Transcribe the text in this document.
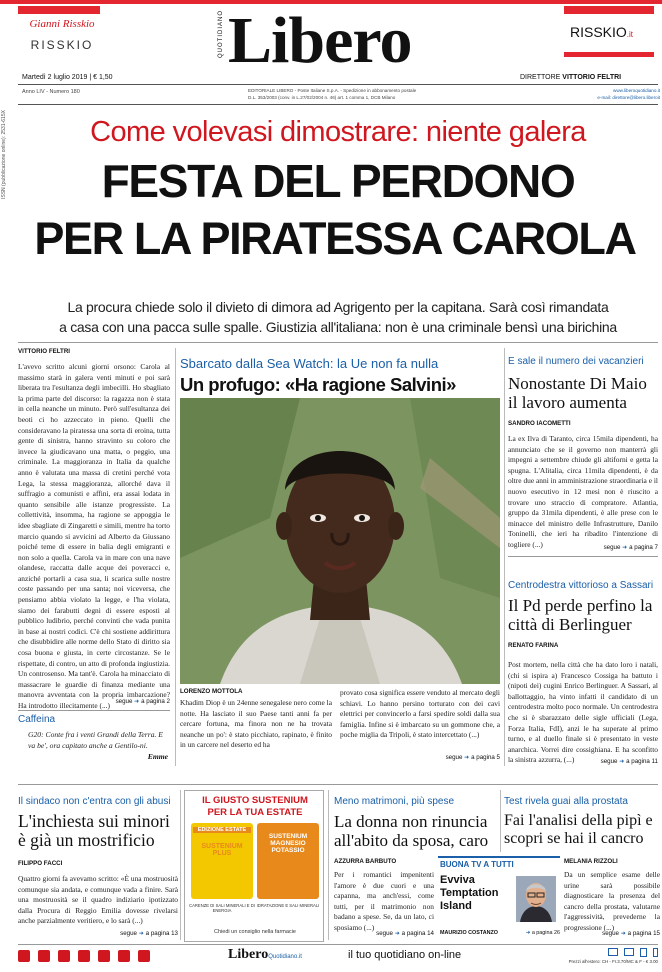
ISSN (pubblicazione online): 2531-615X
Gianni Risskio
RISSKIO	QUOTIDIANO Libero	RISSKIO.it
Martedì 2 luglio 2019 | € 1,50	DIRETTORE VITTORIO FELTRI
Anno LIV - Numero 180	EDITORIALE LIBERO - Poste Italiane S.p.A. - Spedizione in abbonamento postale
D.L. 353/2003 (conv. in L.27/02/2004 n. 46) art. 1 comma 1, DCB Milano
www.liberoquotidiano.it
e-mail: direttore@libero.liberoit
Come volevasi dimostrare: niente galera
FESTA DEL PERDONO
PER LA PIRATESSA CAROLA
La procura chiede solo il divieto di dimora ad Agrigento per la capitana. Sarà così rimandata
a casa con una pacca sulle spalle. Giustizia all'italiana: non è una criminale bensì una birichina
VITTORIO FELTRI
L'avevo scritto alcuni giorni orsono: Carola al massimo starà in galera venti minuti e poi sarà liberata tra l'esultanza degli imbecilli. Ho sbagliato la prima parte del discorso: la ragazza non è stata in cella neanche un minuto. Però sull'esultanza dei beoti ci ho azzeccato in pieno. Quelli che consideravano la piratessa una sorta di eroina, tutta gente di sinistra, hanno stravinto su coloro che invece la giudicavano una matta, o peggio, una criminale. La maggioranza in Italia da qualche anno è valutata una massa di cretini perché vota Lega, la stessa maggioranza, allorché dava il suffragio a comunisti e affini, era assai lodata in quanto sensibile alle istanze progressiste. La collettività, insomma, ha ragione se appoggia le idee sbagliate di Zingaretti e simili, mentre ha torto marcio quando si avvicini ad Alberto da Giussano poiché teme di essere in balia degli emigranti e non solo a quella. Carola va in mare con una nave olandese, raccatta dalle acque dei poveracci e, anziché portarli a casa sua, li scarica sulle nostre coste passando per una santa; noi viceversa, che pensiamo abbia violato la legge, e l'ha violata, siamo dei farabutti degni di essere esposti al pubblico ludibrio, perché convinti che vada punita in base ai nostri codici. C'è chi sostiene addirittura che disubbidire alle norme dello Stato di diritto sia cosa buona e giusta, in certe circostanze. Se le rispettate, di contro, un atto di profonda ingiustizia. Un controsenso. Ma tant'è. Carola ha minacciato di massacrare le guardie di finanza mediante una manovra avventata con la propria imbarcazione? Ha introdotto illecitamente (...) segue ➜ a pagina 2
Caffeina
G20: Conte fra i venti Grandi della Terra. E va be', ora capitato anche a Gentilo-ni.
Emme
Sbarcato dalla Sea Watch: la Ue non fa nulla
Un profugo: «Ha ragione Salvini»
LORENZO MOTTOLA
Khadim Diop è un 24enne senegalese nero come la notte. Ha lasciato il suo Paese tanti anni fa per cercare fortuna, ma finora non ne ha trovata neanche un po': è stato picchiato, rapinato, è finito in un carcere nel deserto ed ha
provato cosa significa essere venduto al mercato degli schiavi. Lo hanno persino torturato con dei cavi elettrici per convincerlo a farsi spedire soldi dalla sua famiglia. Infine si è imbarcato su un gommone che, a poche miglia da Tripoli, è stato intercettato (...)
segue ➜ a pagina 5
E sale il numero dei vacanzieri
Nonostante Di Maio il lavoro aumenta
SANDRO IACOMETTI
La ex Ilva di Taranto, circa 15mila dipendenti, ha annunciato che se il governo non manterrà gli impegni a settembre chiude gli altiforni e getta la spugna. L'Alitalia, circa 11mila dipendenti, è da oltre due anni in amministrazione straordinaria e il nuovo esecutivo in 12 mesi non è riuscito a trovare uno straccio di compratore. Atlantia, gruppo da 31mila dipendenti, è alle prese con le minacce del ministro delle Infrastrutture, Danilo Toninelli, che ieri ha ribadito l'intenzione di togliere (...)	segue ➜ a pagina 7
Centrodestra vittorioso a Sassari
Il Pd perde perfino la città di Berlinguer
RENATO FARINA
Post mortem, nella città che ha dato loro i natali, (chi si ispira a) Francesco Cossiga ha battuto i (nipoti dei) cugini Enrico Berlinguer. A Sassari, al ballottaggio, ha vinto infatti il candidato di un centrodestra molto poco normale. Un centrodestra che si è sbarazzato delle sigle ufficiali (Lega, Forza Italia, FdI), anzi le ha superate al primo turno, e al duello finale si è presentato in veste anarchica. Vorrei dire cossighiana. E ha sconfitto la sinistra azzurra, (...)	segue ➜ a pagina 11
Il sindaco non c'entra con gli abusi
L'inchiesta sui minori è già un mostrificio
FILIPPO FACCI
Quattro giorni fa avevamo scritto: «È una mostruosità comunque sia andata, e comunque vada a finire. Sarà una mostruosità se il quadro indiziario ipotizzato dalla Procura di Reggio Emilia dovesse rivelarsi anche parzialmente veritiero, e lo sarà (...)
segue ➜ a pagina 13
IL GIUSTO SUSTENIUM
PER LA TUA ESTATE
EDIZIONE ESTATE
SUSTENIUM PLUS
SUSTENIUM MAGNESIO POTASSIO
CARENZE DI SALI MINERALI E DI ENERGIA
IDRATAZIONE E SALI MINERALI
Chiedi un consiglio nella farmacie
Meno matrimoni, più spese
La donna non rinuncia all'abito da sposa, caro
AZZURRA BARBUTO
Per i romantici impenitenti l'amore è due cuori e una capanna, ma anch'essi, come tutti, per il matrimonio non badano a spese. Se, da un lato, ci sposiamo (...)
segue ➜ a pagina 14
BUONA TV A TUTTI
Evviva Temptation Island
MAURIZIO COSTANZO	➜ a pagina 26
Test rivela guai alla prostata
Fai l'analisi della pipì e scopri se hai il cancro
MELANIA RIZZOLI
Da un semplice esame delle urine sarà possibile diagnosticare la presenza del cancro della prostata, valutarne l'aggressività, prevederne la progressione (...)
segue ➜ a pagina 15
LiberoQuotidiano.it	il tuo quotidiano on-line
Prezzi all'estero: CH - Fr.3.70/MC & F - € 3.00
